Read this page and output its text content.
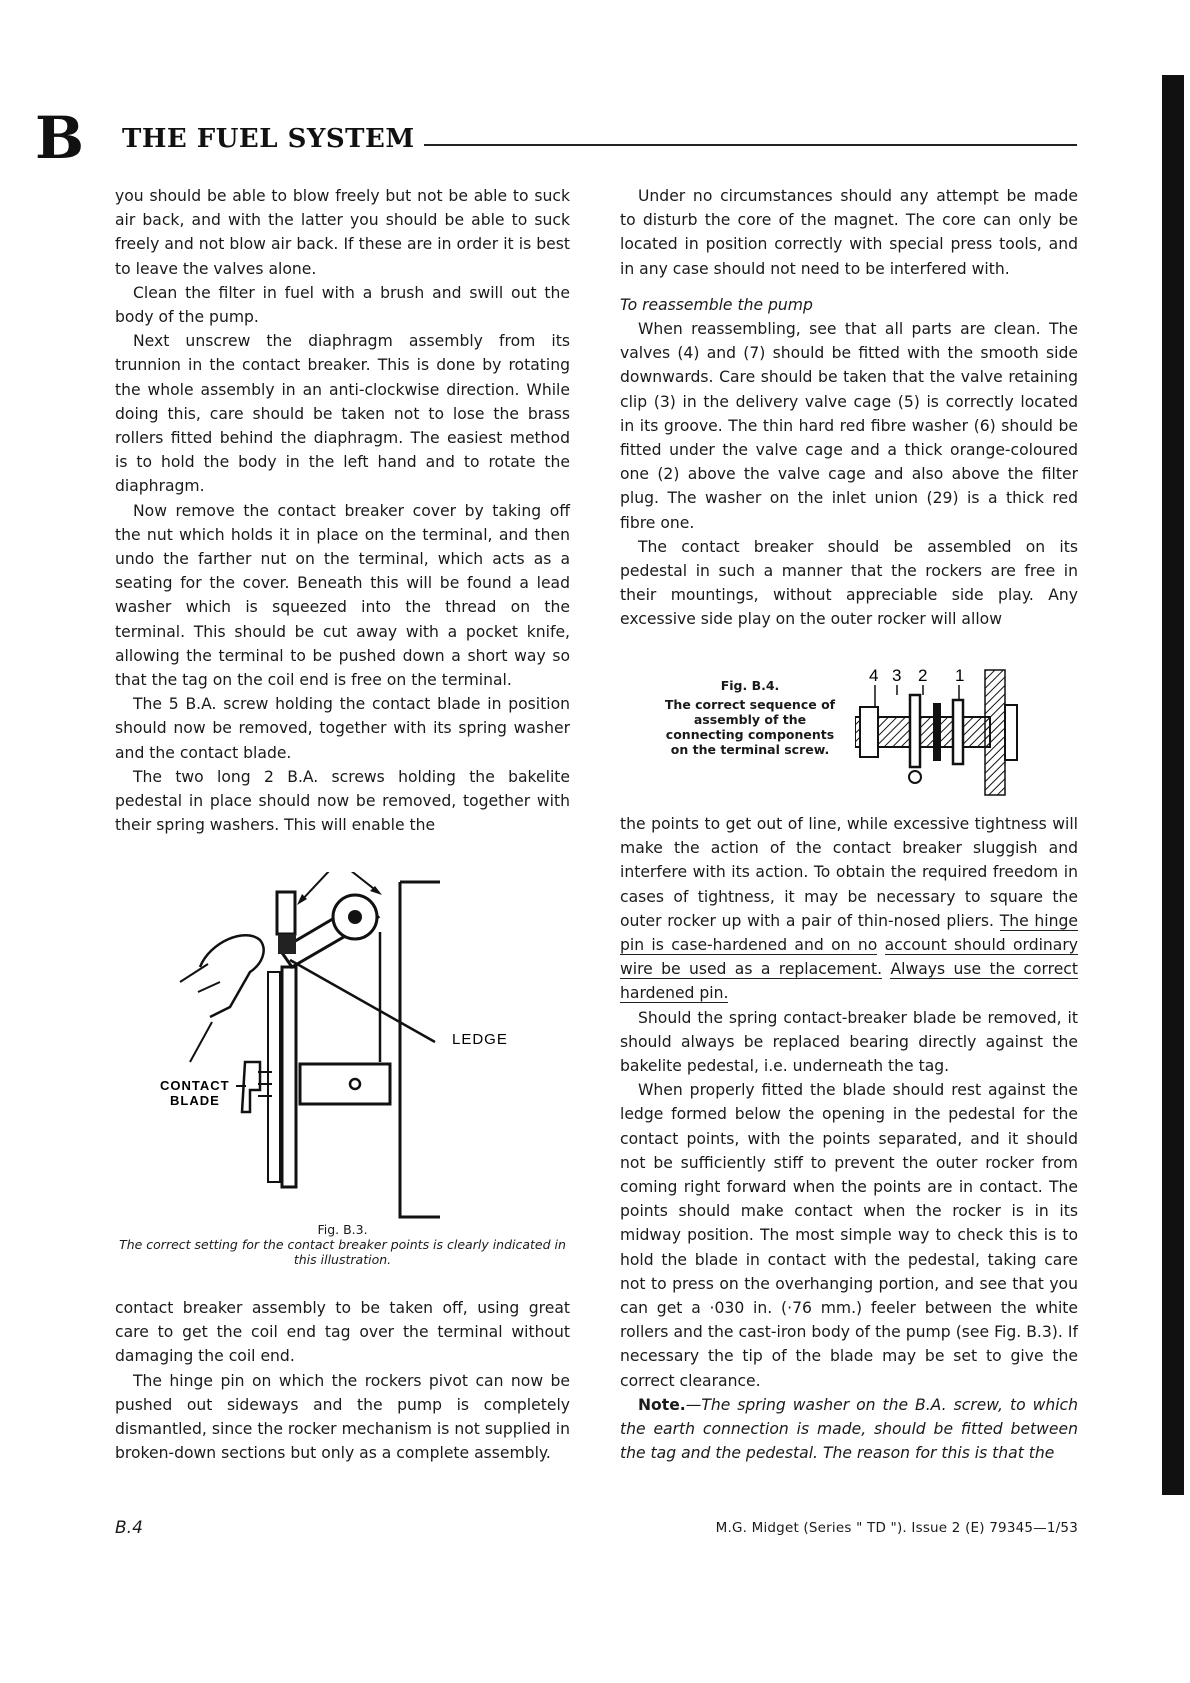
B THE FUEL SYSTEM

you should be able to blow freely but not be able to suck air back, and with the latter you should be able to suck freely and not blow air back. If these are in order it is best to leave the valves alone.

Clean the filter in fuel with a brush and swill out the body of the pump.

Next unscrew the diaphragm assembly from its trunnion in the contact breaker. This is done by rotating the whole assembly in an anti-clockwise direction. While doing this, care should be taken not to lose the brass rollers fitted behind the diaphragm. The easiest method is to hold the body in the left hand and to rotate the diaphragm.

Now remove the contact breaker cover by taking off the nut which holds it in place on the terminal, and then undo the farther nut on the terminal, which acts as a seating for the cover. Beneath this will be found a lead washer which is squeezed into the thread on the terminal. This should be cut away with a pocket knife, allowing the terminal to be pushed down a short way so that the tag on the coil end is free on the terminal.

The 5 B.A. screw holding the contact blade in position should now be removed, together with its spring washer and the contact blade.

The two long 2 B.A. screws holding the bakelite pedestal in place should now be removed, together with their spring washers. This will enable the

LEDGE
CONTACT
BLADE
Fig. B.3.
The correct setting for the contact breaker points is clearly indicated in this illustration.

contact breaker assembly to be taken off, using great care to get the coil end tag over the terminal without damaging the coil end.

The hinge pin on which the rockers pivot can now be pushed out sideways and the pump is completely dismantled, since the rocker mechanism is not supplied in broken-down sections but only as a complete assembly.

Under no circumstances should any attempt be made to disturb the core of the magnet. The core can only be located in position correctly with special press tools, and in any case should not need to be interfered with.

To reassemble the pump

When reassembling, see that all parts are clean. The valves (4) and (7) should be fitted with the smooth side downwards. Care should be taken that the valve retaining clip (3) in the delivery valve cage (5) is correctly located in its groove. The thin hard red fibre washer (6) should be fitted under the valve cage and a thick orange-coloured one (2) above the valve cage and also above the filter plug. The washer on the inlet union (29) is a thick red fibre one.

The contact breaker should be assembled on its pedestal in such a manner that the rockers are free in their mountings, without appreciable side play. Any excessive side play on the outer rocker will allow

Fig. B.4.
The correct sequence of assembly of the connecting components on the terminal screw.
4 3 2 1

the points to get out of line, while excessive tightness will make the action of the contact breaker sluggish and interfere with its action. To obtain the required freedom in cases of tightness, it may be necessary to square the outer rocker up with a pair of thin-nosed pliers. The hinge pin is case-hardened and on no account should ordinary wire be used as a replacement. Always use the correct hardened pin.

Should the spring contact-breaker blade be removed, it should always be replaced bearing directly against the bakelite pedestal, i.e. underneath the tag.

When properly fitted the blade should rest against the ledge formed below the opening in the pedestal for the contact points, with the points separated, and it should not be sufficiently stiff to prevent the outer rocker from coming right forward when the points are in contact. The points should make contact when the rocker is in its midway position. The most simple way to check this is to hold the blade in contact with the pedestal, taking care not to press on the overhanging portion, and see that you can get a ·030 in. (·76 mm.) feeler between the white rollers and the cast-iron body of the pump (see Fig. B.3). If necessary the tip of the blade may be set to give the correct clearance.

Note.—The spring washer on the B.A. screw, to which the earth connection is made, should be fitted between the tag and the pedestal. The reason for this is that the

B.4	M.G. Midget (Series " TD "). Issue 2 (E) 79345—1/53
